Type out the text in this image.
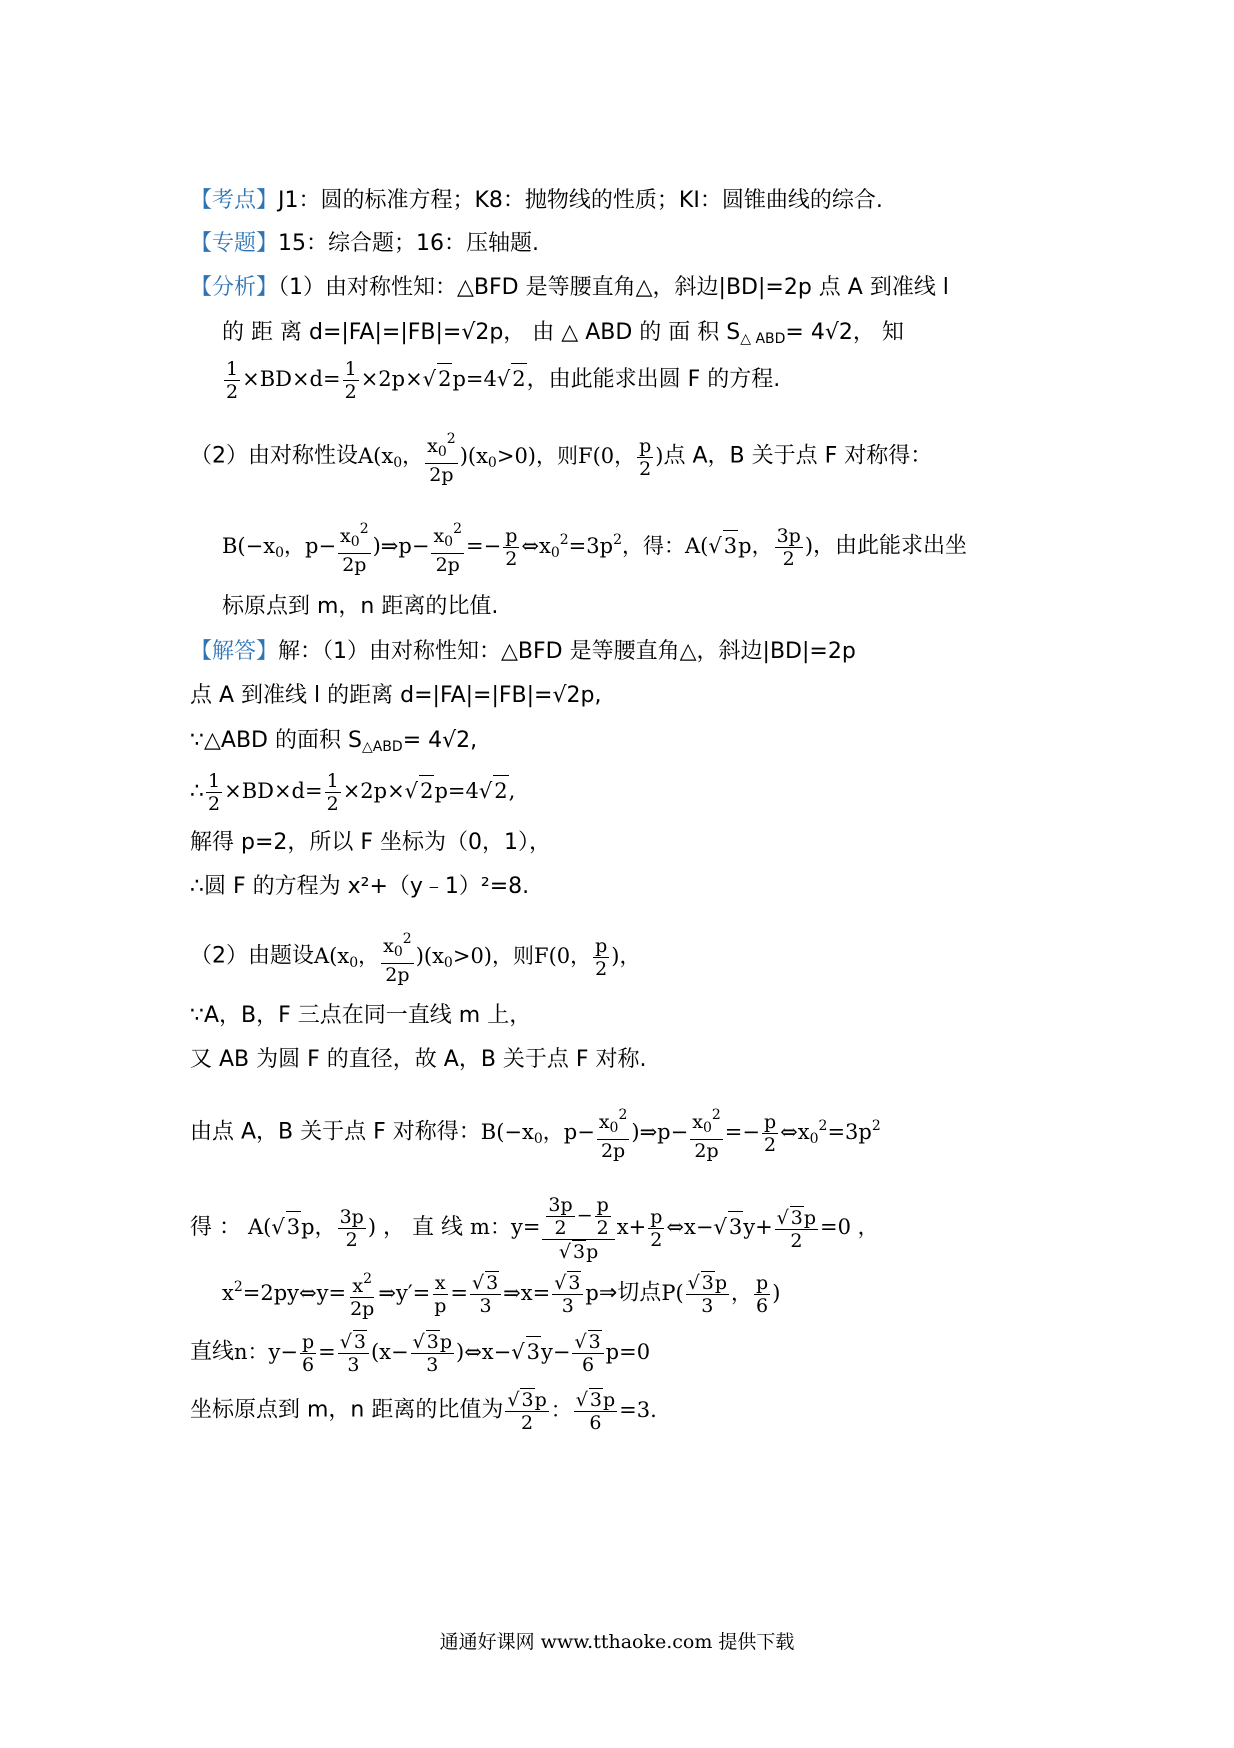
【考点】J1：圆的标准方程；K8：抛物线的性质；KI：圆锥曲线的综合.
【专题】15：综合题；16：压轴题.
【分析】（1）由对称性知：△BFD 是等腰直角△，斜边|BD|=2p 点 A 到准线 l
的 距 离 d=|FA|=|FB|=√2p， 由 △ ABD 的 面 积 $S_{\triangle ABD}= 4√2$， 知
$\frac{1}{2} \times BD\times d= \frac{1}{2} \times 2p\times√2p=4√2$，由此能求出圆 F 的方程.
（2）由对称性设$A(x_0$， $\frac{x_0^2}{2p} )(x_0>0)$，则F(0， $\frac{p}{2}$ )点 A，B 关于点 F 对称得：
$B(-x_0$，$p- \frac{x_0^2}{2p}$ )⇒p− $\frac{x_0^2}{2p} =- \frac{p}{2}$ $\Leftrightarrow x_0^2=3p^2$，得：A(√3p， $\frac{3p}{2}$ )，由此能求出坐
标原点到 m，n 距离的比值.
【解答】解：（1）由对称性知：△BFD 是等腰直角△，斜边|BD|=2p
点 A 到准线 l 的距离 d=|FA|=|FB|=√2p,
∵△ABD 的面积 $S_{\triangle ABD}= 4√2$,
∴ $\frac{1}{2} \times BD\times d= \frac{1}{2} \times 2p\times√2p=4√2$,
解得 p=2，所以 F 坐标为（0，1），
∴圆 F 的方程为 x²+（y﹣1）²=8.
（2）由题设$A(x_0$， $\frac{x_0^2}{2p} )(x_0>0)$，则F(0， $\frac{p}{2}$ )，
∵A，B，F 三点在同一直线 m 上，
又 AB 为圆 F 的直径，故 A，B 关于点 F 对称.
由点 A，B 关于点 F 对称得：$B(-x_0$，$p- \frac{x_0^2}{2p}$ )⇒p− $\frac{x_0^2}{2p} =- \frac{p}{2}$ $\Leftrightarrow x_0^2=3p^2$
得 ： A(√3p， $\frac{3p}{2}$ ) ， 直 线 m：$y= \frac{\frac{3p}{2} - \frac{p}{2}}{√ 3p} x+ \frac{p}{2}$ ⇔x−√3y+ $\frac{√ 3p}{2} =0$ ，
$x^2=2py\Leftrightarrow y= \frac{x^2}{2p}$ ⇒y′= $\frac{x}{p} = \frac{√ 3}{3}$ ⇒x= $\frac{√ 3}{3}$ p⇒切点$P( \frac{√ 3p}{3}$ ， $\frac{p}{6}$ )
直线n：$y- \frac{p}{6} = \frac{√ 3}{3} (x- \frac{√ 3p}{3}$ )⇔x−√3y− $\frac{√ 3}{6} p=0$
坐标原点到 m，n 距离的比值为 $\frac{√ 3p}{2}$ ： $\frac{√ 3p}{6} =3$.
通通好课网 www.tthaoke.com 提供下载
